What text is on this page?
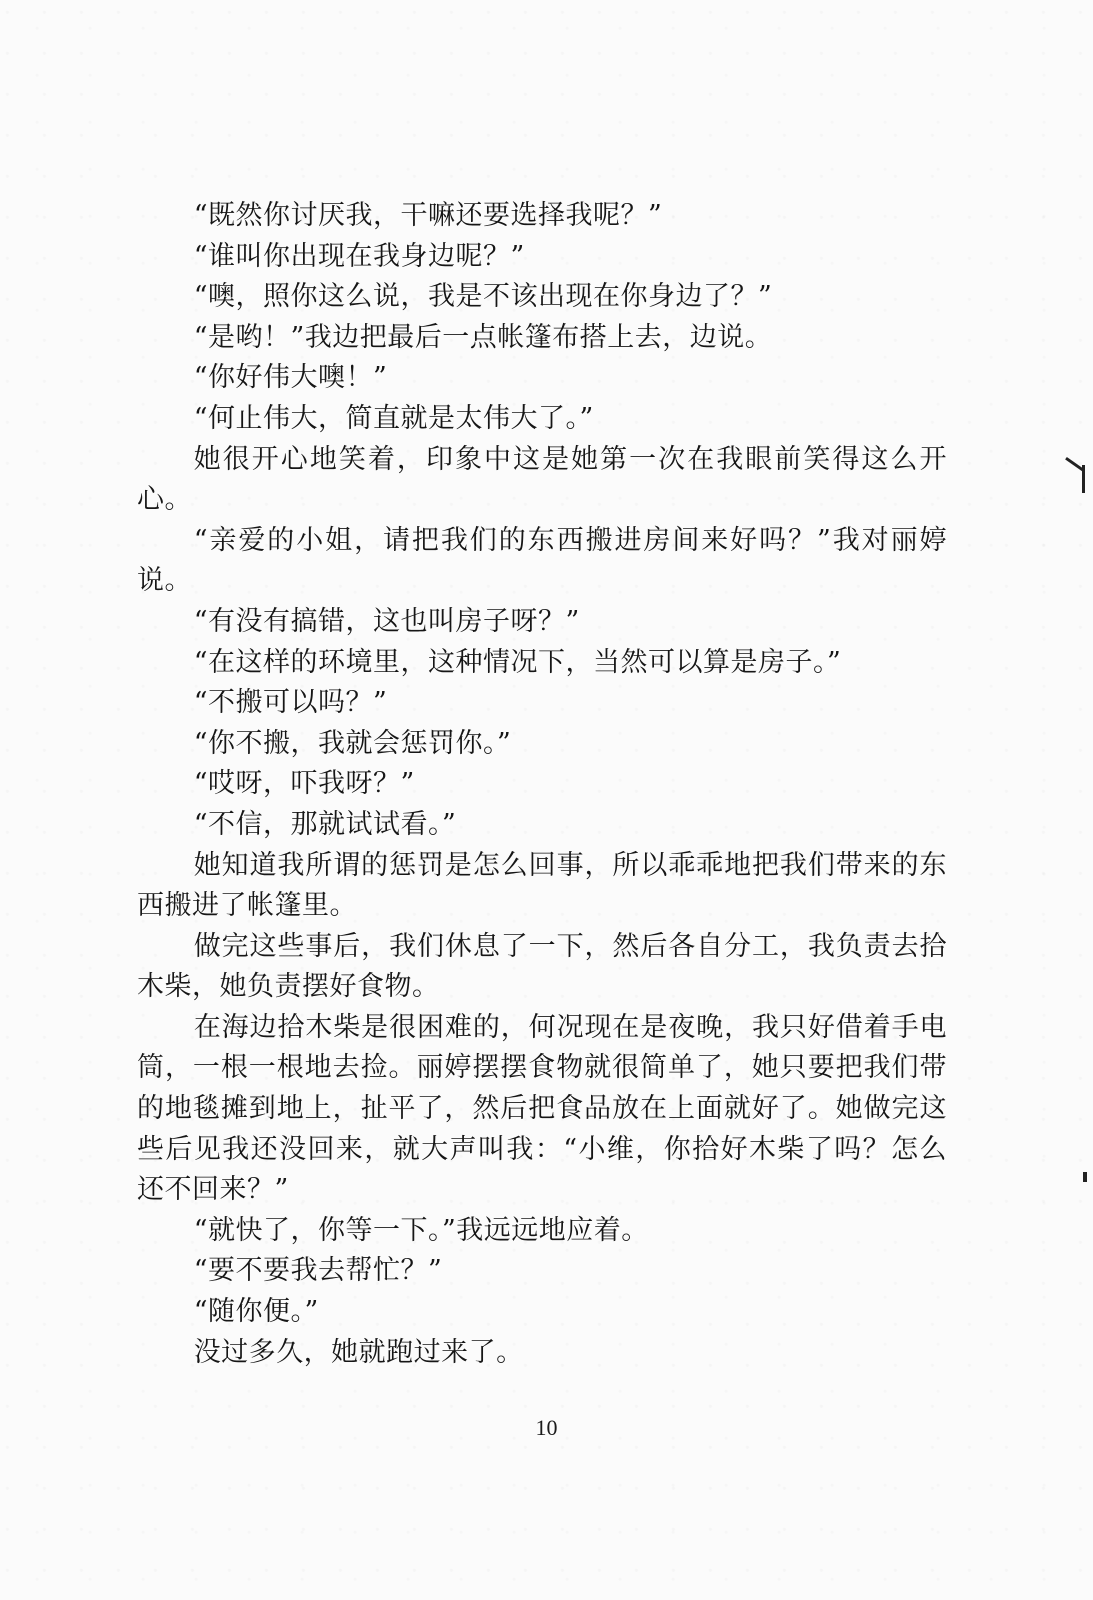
“既然你讨厌我，干嘛还要选择我呢？”

“谁叫你出现在我身边呢？”

“噢，照你这么说，我是不该出现在你身边了？”

“是哟！”我边把最后一点帐篷布搭上去，边说。

“你好伟大噢！”

“何止伟大，简直就是太伟大了。”

她很开心地笑着，印象中这是她第一次在我眼前笑得这么开心。

“亲爱的小姐，请把我们的东西搬进房间来好吗？”我对丽婷说。

“有没有搞错，这也叫房子呀？”

“在这样的环境里，这种情况下，当然可以算是房子。”

“不搬可以吗？”

“你不搬，我就会惩罚你。”

“哎呀，吓我呀？”

“不信，那就试试看。”

她知道我所谓的惩罚是怎么回事，所以乖乖地把我们带来的东西搬进了帐篷里。

做完这些事后，我们休息了一下，然后各自分工，我负责去拾木柴，她负责摆好食物。

在海边拾木柴是很困难的，何况现在是夜晚，我只好借着手电筒，一根一根地去捡。丽婷摆摆食物就很简单了，她只要把我们带的地毯摊到地上，扯平了，然后把食品放在上面就好了。她做完这些后见我还没回来，就大声叫我：“小维，你拾好木柴了吗？怎么还不回来？”

“就快了，你等一下。”我远远地应着。

“要不要我去帮忙？”

“随你便。”

没过多久，她就跑过来了。

10
